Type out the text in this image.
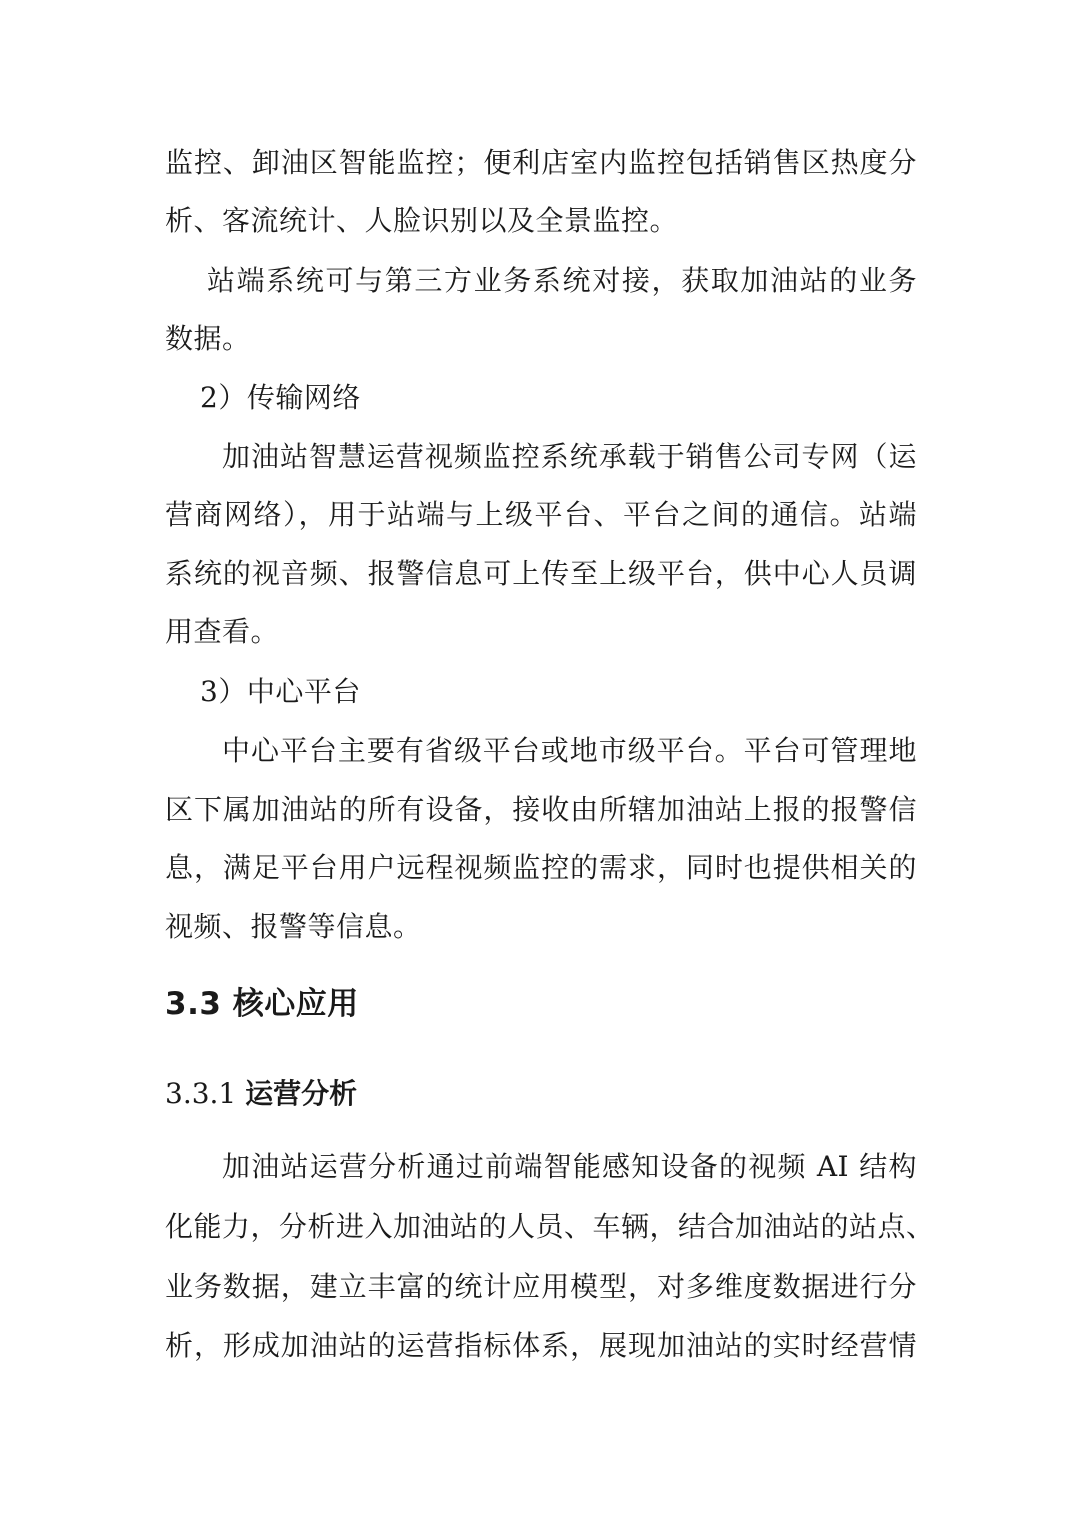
监控、卸油区智能监控；便利店室内监控包括销售区热度分
析、客流统计、人脸识别以及全景监控。
站端系统可与第三方业务系统对接，获取加油站的业务
数据。
2）传输网络
加油站智慧运营视频监控系统承载于销售公司专网（运
营商网络），用于站端与上级平台、平台之间的通信。站端
系统的视音频、报警信息可上传至上级平台，供中心人员调
用查看。
3）中心平台
中心平台主要有省级平台或地市级平台。平台可管理地
区下属加油站的所有设备，接收由所辖加油站上报的报警信
息，满足平台用户远程视频监控的需求，同时也提供相关的
视频、报警等信息。
3.3 核心应用
3.3.1 运营分析
加油站运营分析通过前端智能感知设备的视频 AI 结构
化能力，分析进入加油站的人员、车辆，结合加油站的站点、
业务数据，建立丰富的统计应用模型，对多维度数据进行分
析，形成加油站的运营指标体系，展现加油站的实时经营情
